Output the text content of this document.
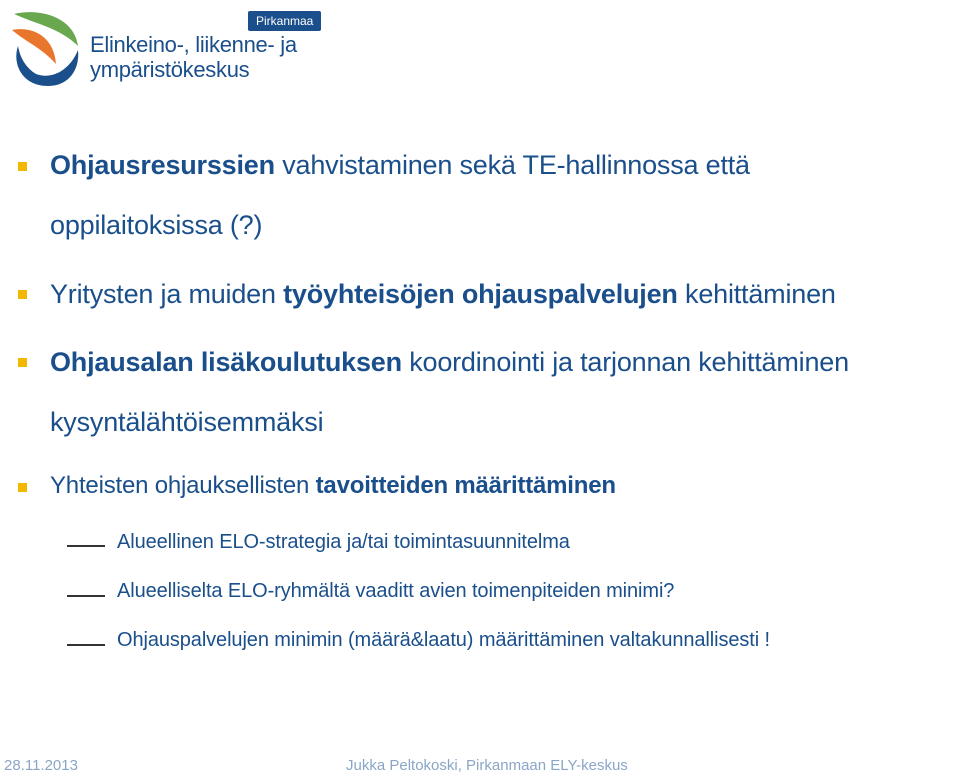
Pirkanmaa
Elinkeino-, liikenne- ja
ympäristökeskus
Ohjausresurssien vahvistaminen sekä TE-hallinnossa että
oppilaitoksissa (?)
Yritysten ja muiden työyhteisöjen ohjauspalvelujen kehittäminen
Ohjausalan lisäkoulutuksen koordinointi ja tarjonnan kehittäminen
kysyntälähtöisemmäksi
Yhteisten ohjauksellisten tavoitteiden määrittäminen
Alueellinen ELO-strategia ja/tai toimintasuunnitelma
Alueelliselta ELO-ryhmältä vaaditt avien toimenpiteiden minimi?
Ohjauspalvelujen minimin (määrä&laatu) määrittäminen valtakunnallisesti !
28.11.2013	Jukka Peltokoski, Pirkanmaan ELY-keskus
